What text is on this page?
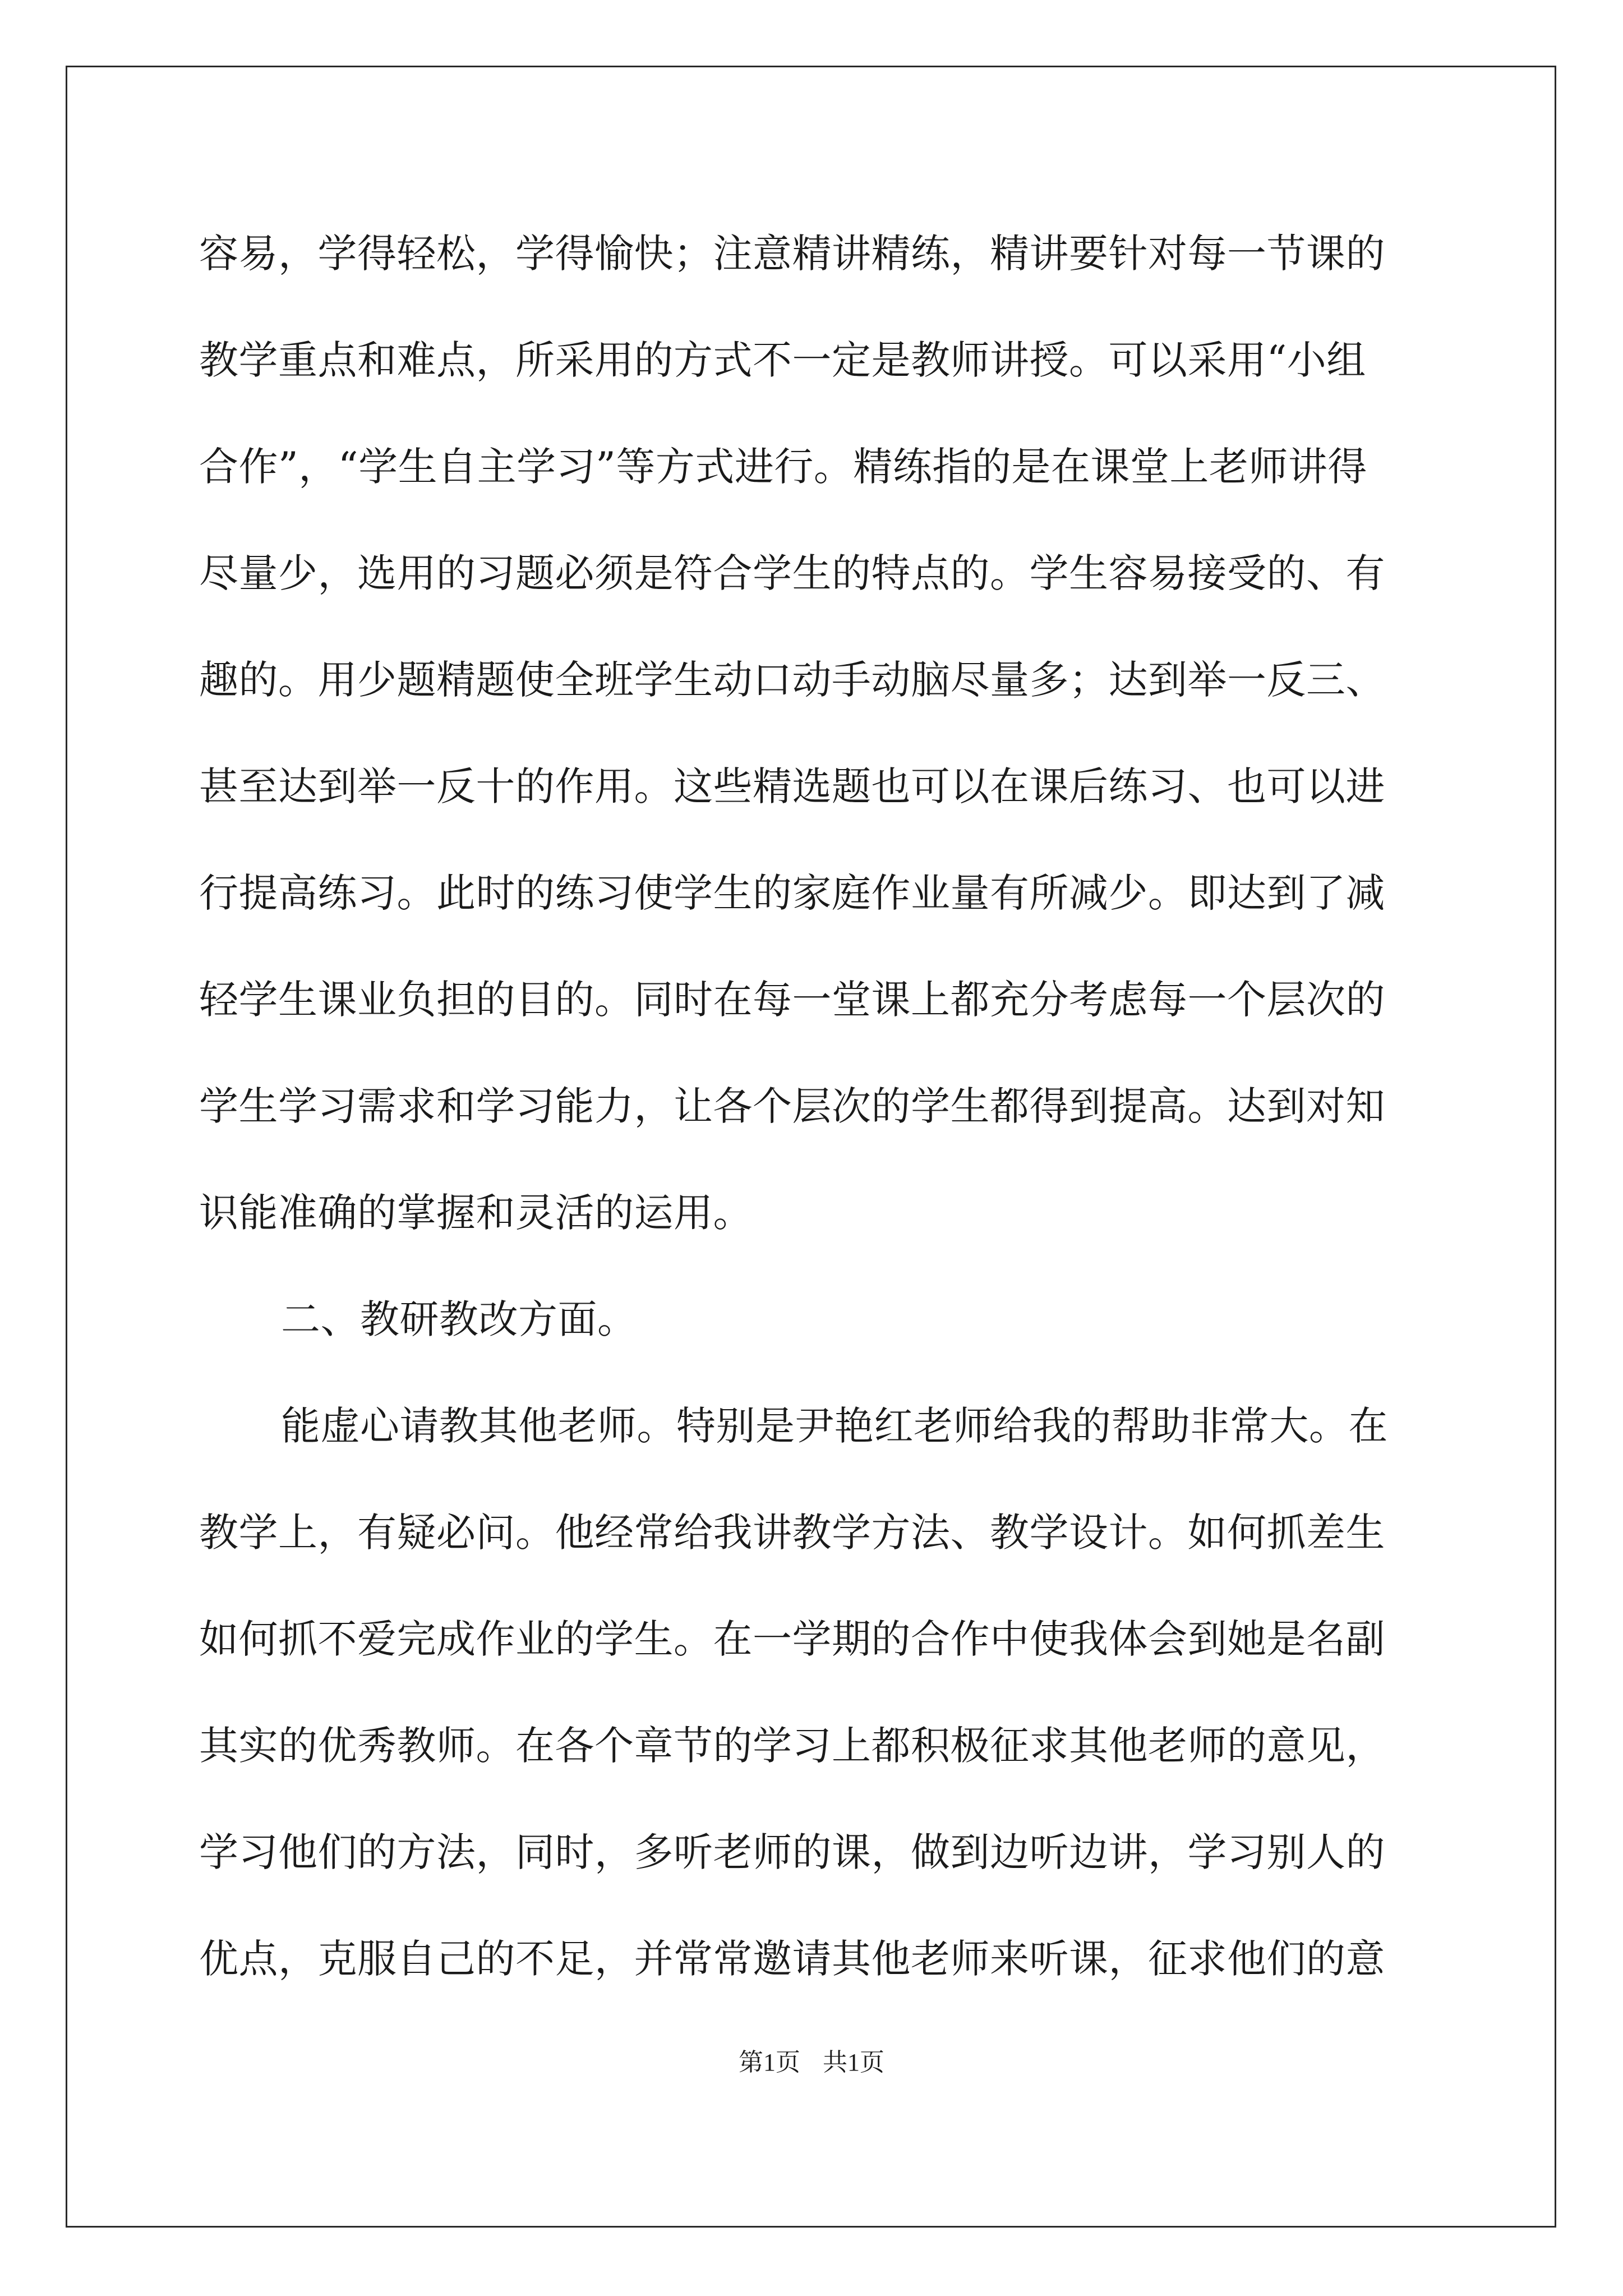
容易，学得轻松，学得愉快；注意精讲精练，精讲要针对每一节课的
教学重点和难点，所采用的方式不一定是教师讲授。可以采用“小组
合作”，“学生自主学习”等方式进行。精练指的是在课堂上老师讲得
尽量少，选用的习题必须是符合学生的特点的。学生容易接受的、有
趣的。用少题精题使全班学生动口动手动脑尽量多；达到举一反三、
甚至达到举一反十的作用。这些精选题也可以在课后练习、也可以进
行提高练习。此时的练习使学生的家庭作业量有所减少。即达到了减
轻学生课业负担的目的。同时在每一堂课上都充分考虑每一个层次的
学生学习需求和学习能力，让各个层次的学生都得到提高。达到对知
识能准确的掌握和灵活的运用。
二、教研教改方面。
能虚心请教其他老师。特别是尹艳红老师给我的帮助非常大。在
教学上，有疑必问。他经常给我讲教学方法、教学设计。如何抓差生
如何抓不爱完成作业的学生。在一学期的合作中使我体会到她是名副
其实的优秀教师。在各个章节的学习上都积极征求其他老师的意见，
学习他们的方法，同时，多听老师的课，做到边听边讲，学习别人的
优点，克服自己的不足，并常常邀请其他老师来听课，征求他们的意
第1页 共1页
